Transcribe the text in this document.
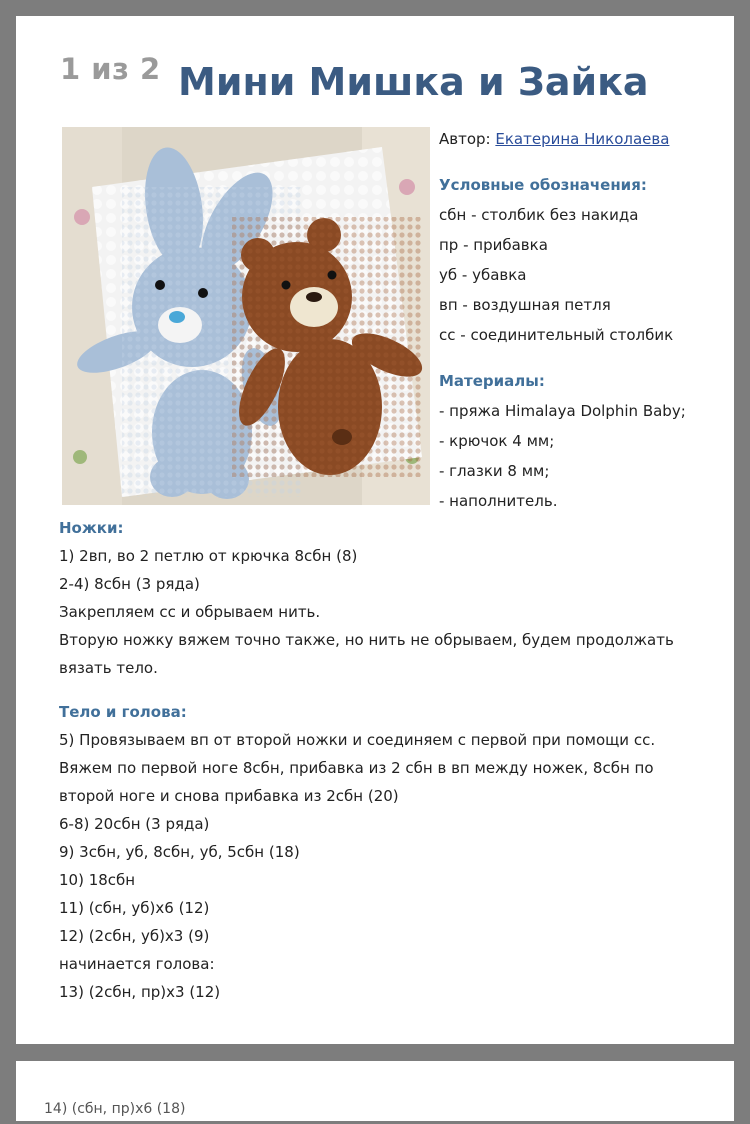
1 из 2 Мини Мишка и Зайка
Автор: Екатерина Николаева
Условные обозначения:
сбн - столбик без накида
пр - прибавка
уб - убавка
вп - воздушная петля
сс - соединительный столбик
Материалы:
- пряжа Himalaya Dolphin Baby;
- крючок 4 мм;
- глазки 8 мм;
- наполнитель.
Ножки:
1) 2вп, во 2 петлю от крючка 8сбн (8)
2-4) 8сбн (3 ряда)
Закрепляем сс и обрываем нить.
Вторую ножку вяжем точно также, но нить не обрываем, будем продолжать
вязать тело.
Тело и голова:
5) Провязываем вп от второй ножки и соединяем с первой при помощи сс.
Вяжем по первой ноге 8сбн, прибавка из 2 сбн в вп между ножек, 8сбн по
второй ноге и снова прибавка из 2сбн (20)
6-8) 20сбн (3 ряда)
9) 3сбн, уб, 8сбн, уб, 5сбн (18)
10) 18сбн
11) (сбн, уб)х6 (12)
12) (2сбн, уб)х3 (9)
начинается голова:
13) (2сбн, пр)х3 (12)
